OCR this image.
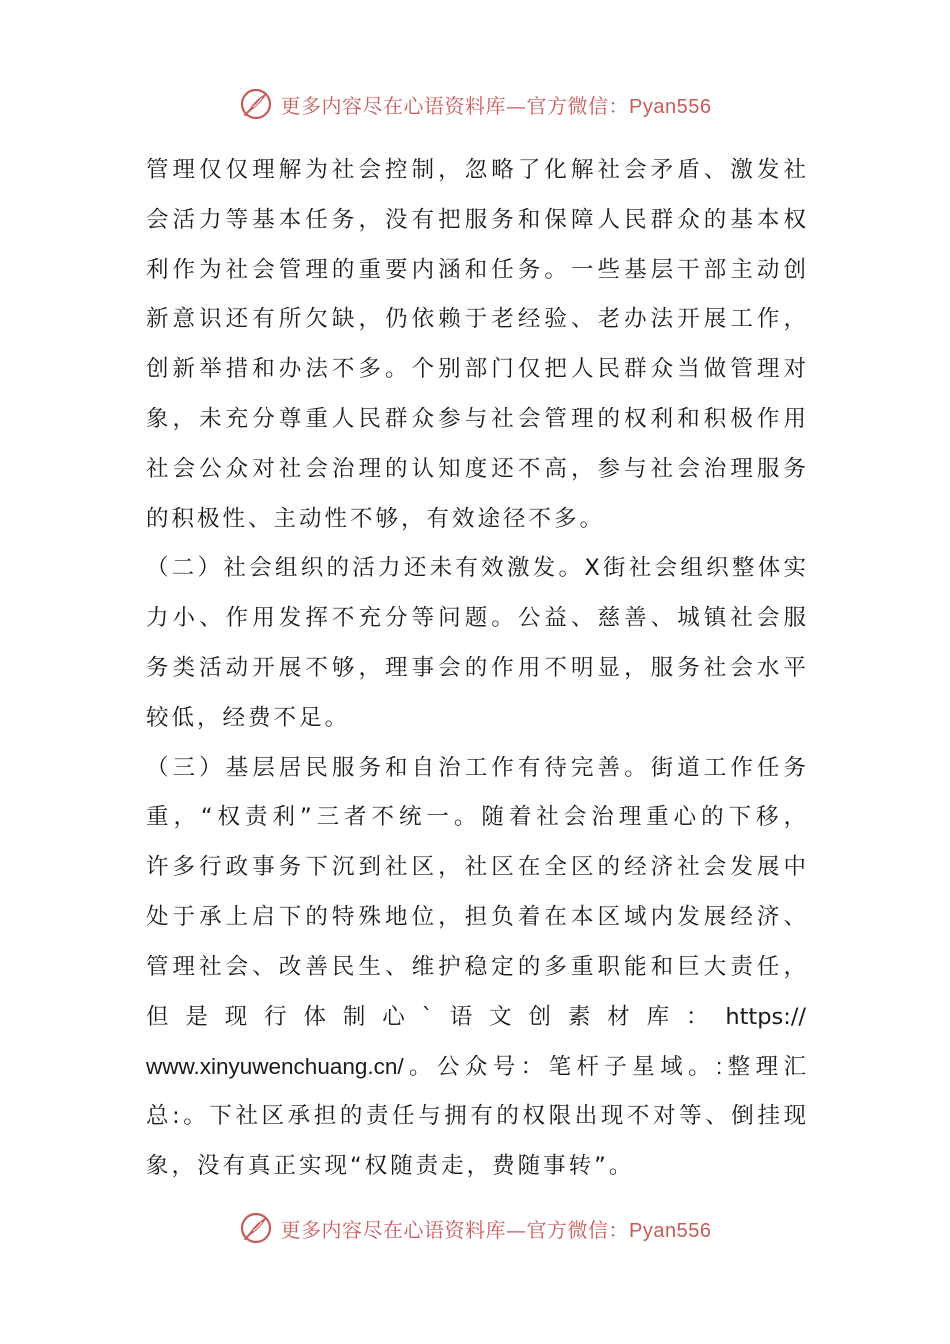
更多内容尽在心语资料库—官方微信：Pyan556
管理仅仅理解为社会控制，忽略了化解社会矛盾、激发社
会活力等基本任务，没有把服务和保障人民群众的基本权
利作为社会管理的重要内涵和任务。一些基层干部主动创
新意识还有所欠缺，仍依赖于老经验、老办法开展工作，
创新举措和办法不多。个别部门仅把人民群众当做管理对
象，未充分尊重人民群众参与社会管理的权利和积极作用
社会公众对社会治理的认知度还不高，参与社会治理服务
的积极性、主动性不够，有效途径不多。
（二）社会组织的活力还未有效激发。X街社会组织整体实
力小、作用发挥不充分等问题。公益、慈善、城镇社会服
务类活动开展不够，理事会的作用不明显，服务社会水平
较低，经费不足。
（三）基层居民服务和自治工作有待完善。街道工作任务
重，“权责利”三者不统一。随着社会治理重心的下移，
许多行政事务下沉到社区，社区在全区的经济社会发展中
处于承上启下的特殊地位，担负着在本区域内发展经济、
管理社会、改善民生、维护稳定的多重职能和巨大责任，
但是现行体制心`语文创素材库：https://
www.xinyuwenchuang.cn/。公众号：笔杆子星域。:整理汇
总:。下社区承担的责任与拥有的权限出现不对等、倒挂现
象，没有真正实现“权随责走，费随事转”。
更多内容尽在心语资料库—官方微信：Pyan556
